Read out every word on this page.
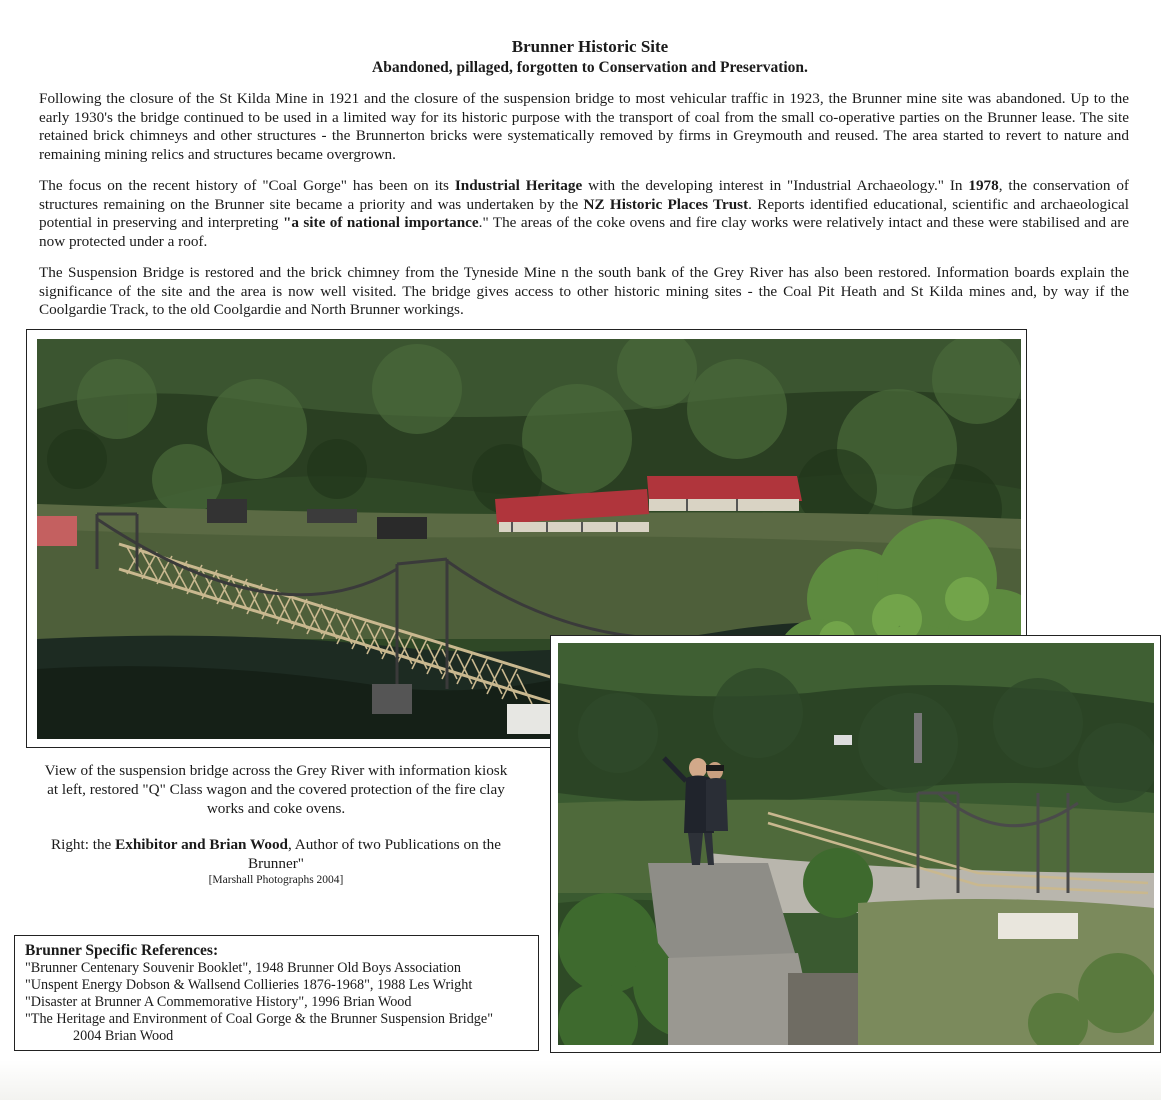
Brunner Historic Site
Abandoned, pillaged, forgotten to Conservation and Preservation.

Following the closure of the St Kilda Mine in 1921 and the closure of the suspension bridge to most vehicular traffic in 1923, the Brunner mine site was abandoned. Up to the early 1930's the bridge continued to be used in a limited way for its historic purpose with the transport of coal from the small co-operative parties on the Brunner lease. The site retained brick chimneys and other structures - the Brunnerton bricks were systematically removed by firms in Greymouth and reused. The area started to revert to nature and remaining mining relics and structures became overgrown.

The focus on the recent history of "Coal Gorge" has been on its Industrial Heritage with the developing interest in "Industrial Archaeology." In 1978, the conservation of structures remaining on the Brunner site became a priority and was undertaken by the NZ Historic Places Trust. Reports identified educational, scientific and archaeological potential in preserving and interpreting "a site of national importance." The areas of the coke ovens and fire clay works were relatively intact and these were stabilised and are now protected under a roof.

The Suspension Bridge is restored and the brick chimney from the Tyneside Mine n the south bank of the Grey River has also been restored. Information boards explain the significance of the site and the area is now well visited. The bridge gives access to other historic mining sites - the Coal Pit Heath and St Kilda mines and, by way if the Coolgardie Track, to the old Coolgardie and North Brunner workings.

View of the suspension bridge across the Grey River with information kiosk at left, restored "Q" Class wagon and the covered protection of the fire clay works and coke ovens.

Right: the Exhibitor and Brian Wood, Author of two Publications on the Brunner"

[Marshall Photographs 2004]
Brunner Specific References:
"Brunner Centenary Souvenir Booklet", 1948 Brunner Old Boys Association
"Unspent Energy Dobson & Wallsend Collieries 1876-1968", 1988 Les Wright
"Disaster at Brunner A Commemorative History", 1996 Brian Wood
"The Heritage and Environment of Coal Gorge & the Brunner Suspension Bridge"
2004 Brian Wood
